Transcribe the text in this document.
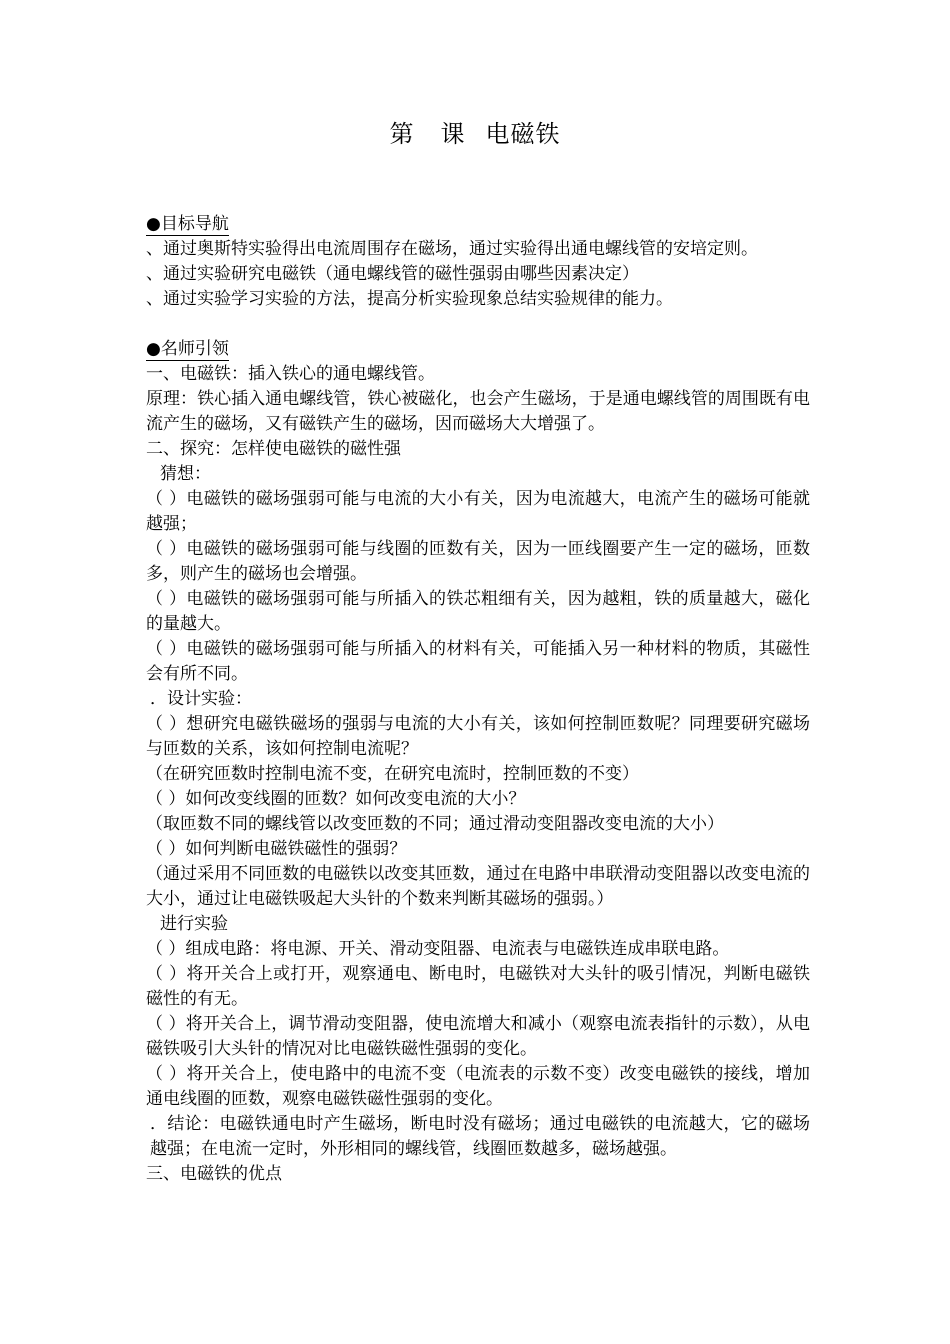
第 课 电磁铁
●目标导航

、通过奥斯特实验得出电流周围存在磁场，通过实验得出通电螺线管的安培定则。

、通过实验研究电磁铁（通电螺线管的磁性强弱由哪些因素决定）

、通过实验学习实验的方法，提高分析实验现象总结实验规律的能力。

●名师引领

一、电磁铁：插入铁心的通电螺线管。

原理：铁心插入通电螺线管，铁心被磁化，也会产生磁场，于是通电螺线管的周围既有电流产生的磁场，又有磁铁产生的磁场，因而磁场大大增强了。

二、探究：怎样使电磁铁的磁性强

猜想：

（ ）电磁铁的磁场强弱可能与电流的大小有关，因为电流越大，电流产生的磁场可能就越强；

（ ）电磁铁的磁场强弱可能与线圈的匝数有关，因为一匝线圈要产生一定的磁场，匝数多，则产生的磁场也会增强。

（ ）电磁铁的磁场强弱可能与所插入的铁芯粗细有关，因为越粗，铁的质量越大，磁化的量越大。

（ ）电磁铁的磁场强弱可能与所插入的材料有关，可能插入另一种材料的物质，其磁性会有所不同。

．设计实验：

（ ）想研究电磁铁磁场的强弱与电流的大小有关，该如何控制匝数呢？同理要研究磁场与匝数的关系，该如何控制电流呢？

（在研究匝数时控制电流不变，在研究电流时，控制匝数的不变）

（ ）如何改变线圈的匝数？如何改变电流的大小？

（取匝数不同的螺线管以改变匝数的不同；通过滑动变阻器改变电流的大小）

（ ）如何判断电磁铁磁性的强弱？

（通过采用不同匝数的电磁铁以改变其匝数，通过在电路中串联滑动变阻器以改变电流的大小，通过让电磁铁吸起大头针的个数来判断其磁场的强弱。）

进行实验

（ ）组成电路：将电源、开关、滑动变阻器、电流表与电磁铁连成串联电路。

（ ）将开关合上或打开，观察通电、断电时，电磁铁对大头针的吸引情况，判断电磁铁磁性的有无。

（ ）将开关合上，调节滑动变阻器，使电流增大和减小（观察电流表指针的示数），从电磁铁吸引大头针的情况对比电磁铁磁性强弱的变化。

（ ）将开关合上，使电路中的电流不变（电流表的示数不变）改变电磁铁的接线，增加通电线圈的匝数，观察电磁铁磁性强弱的变化。

．结论：电磁铁通电时产生磁场，断电时没有磁场；通过电磁铁的电流越大，它的磁场越强；在电流一定时，外形相同的螺线管，线圈匝数越多，磁场越强。

三、电磁铁的优点
